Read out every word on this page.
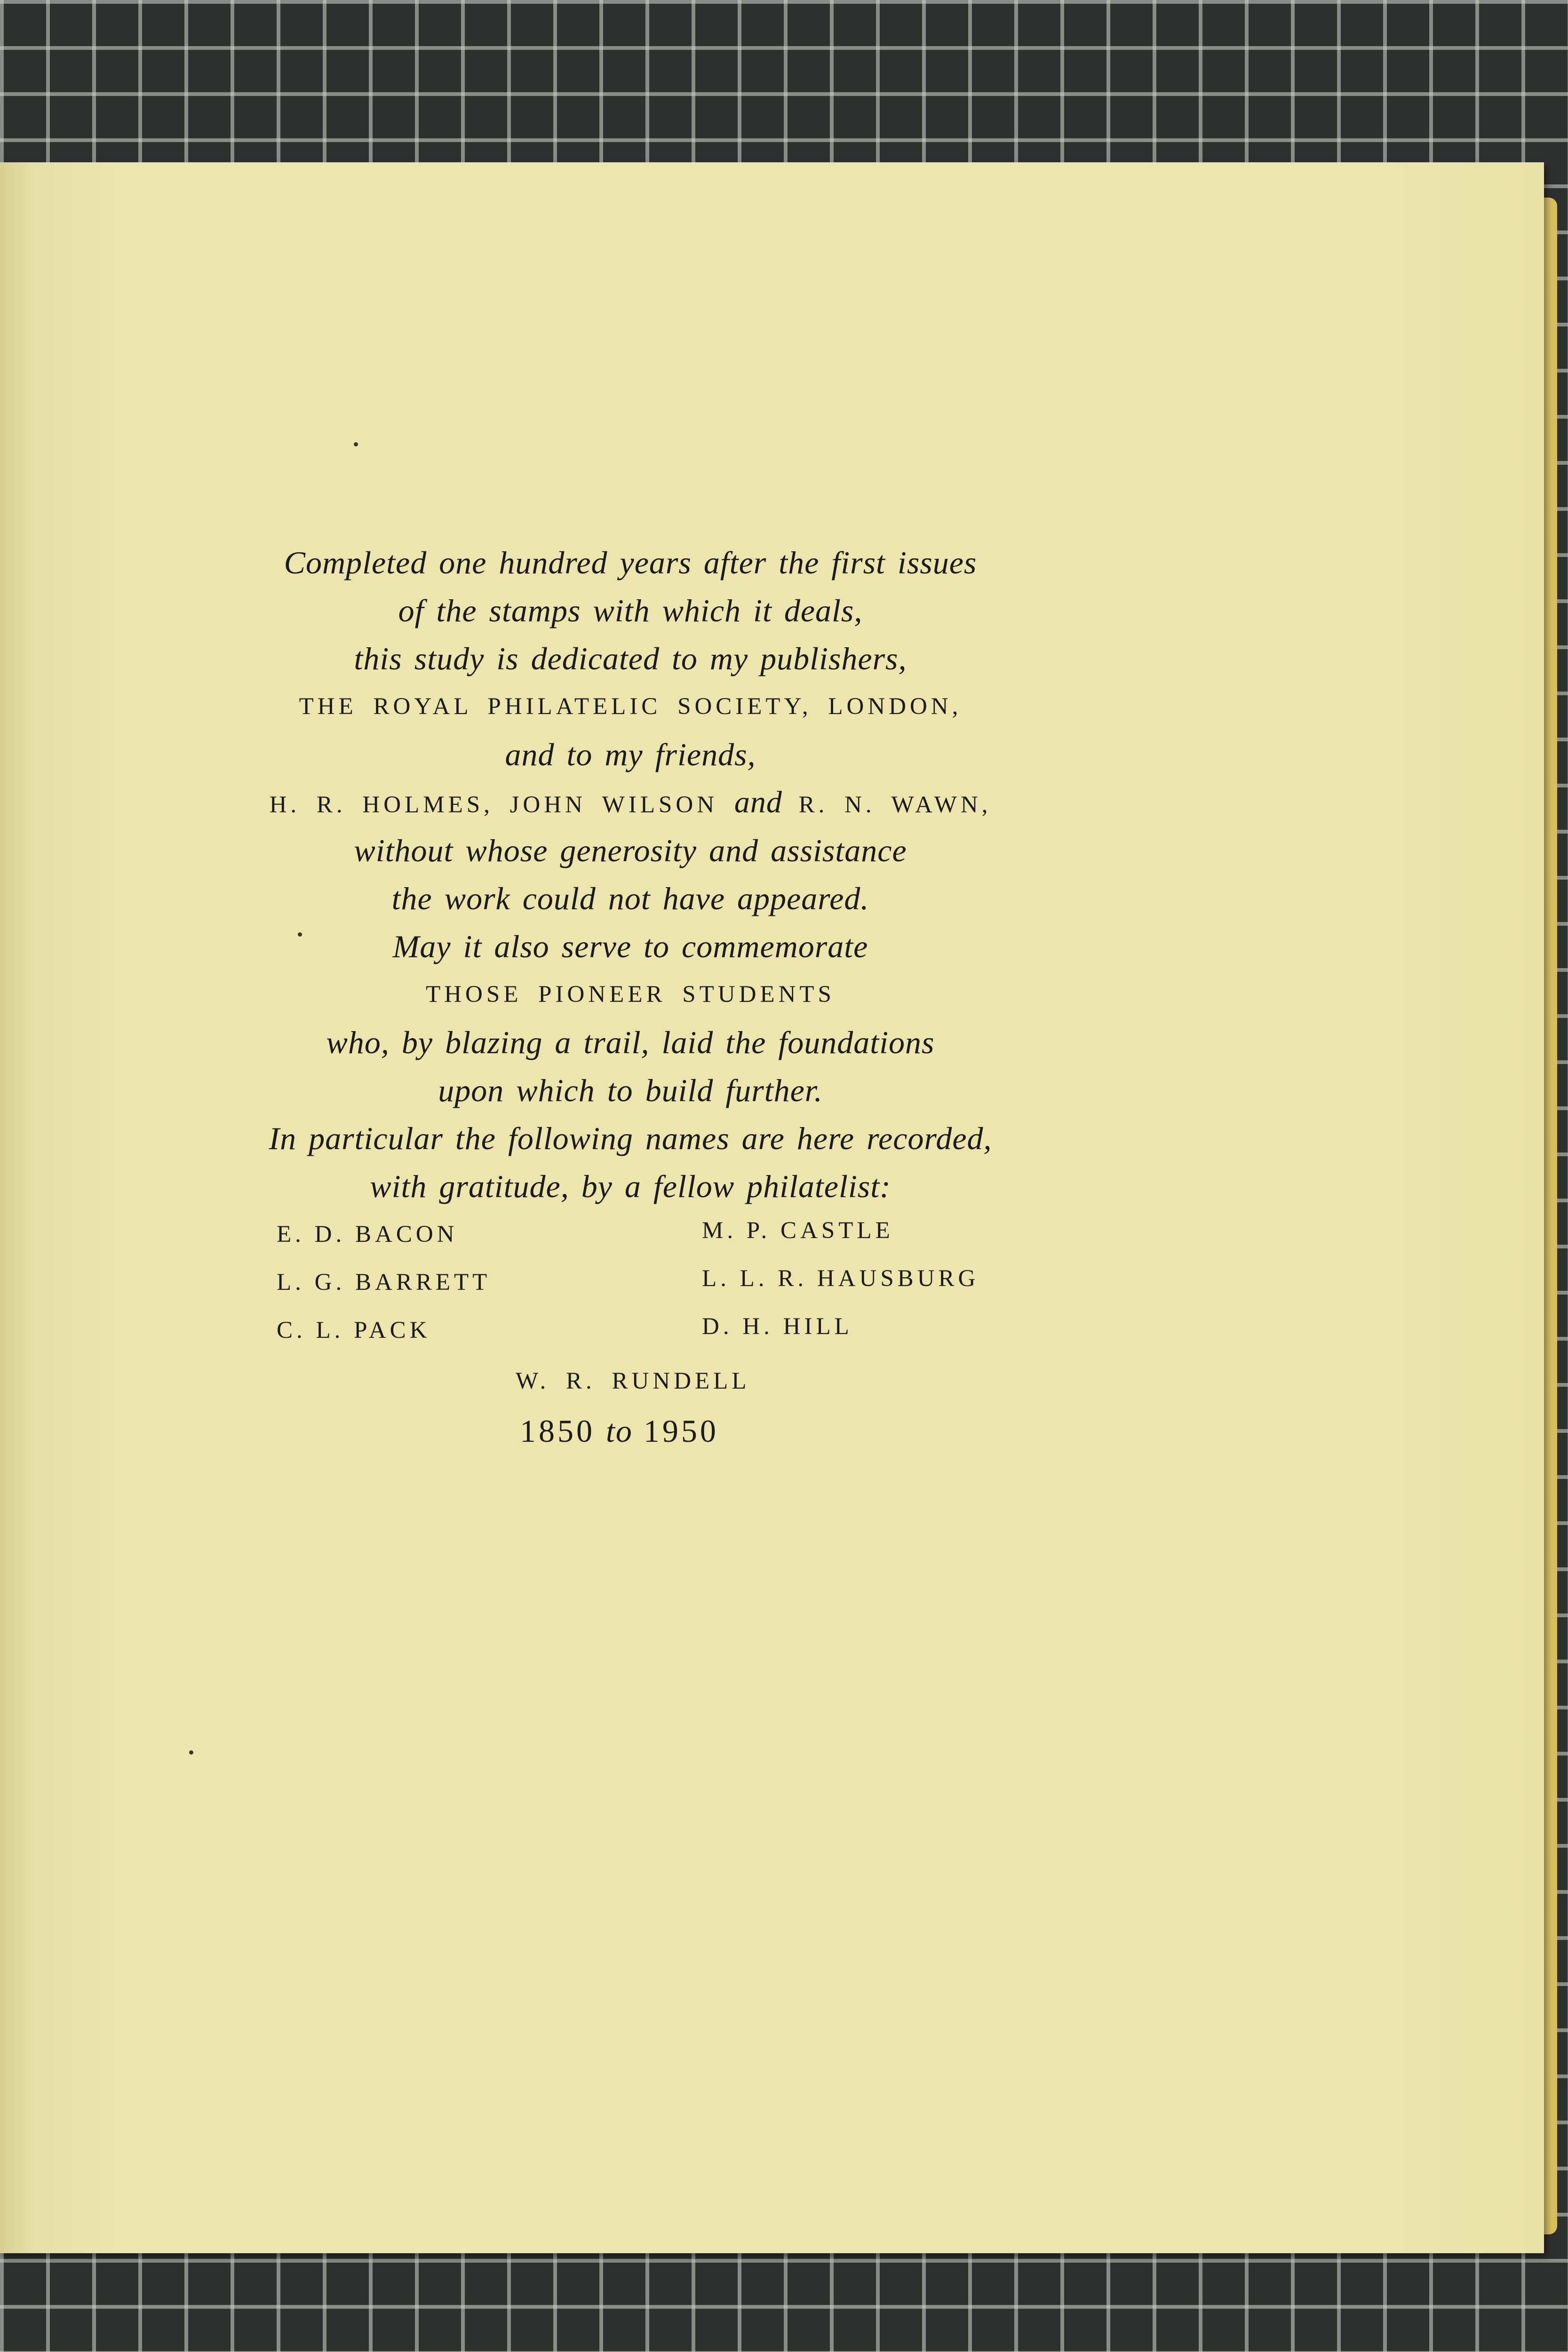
Completed one hundred years after the first issues
of the stamps with which it deals,
this study is dedicated to my publishers,
THE ROYAL PHILATELIC SOCIETY, LONDON,
and to my friends,
H. R. HOLMES, JOHN WILSON and R. N. WAWN,
without whose generosity and assistance
the work could not have appeared.
May it also serve to commemorate
THOSE PIONEER STUDENTS
who, by blazing a trail, laid the foundations
upon which to build further.
In particular the following names are here recorded,
with gratitude, by a fellow philatelist:
E. D. BACON	M. P. CASTLE
L. G. BARRETT	L. L. R. HAUSBURG
C. L. PACK	D. H. HILL
W. R. RUNDELL
1850 to 1950
